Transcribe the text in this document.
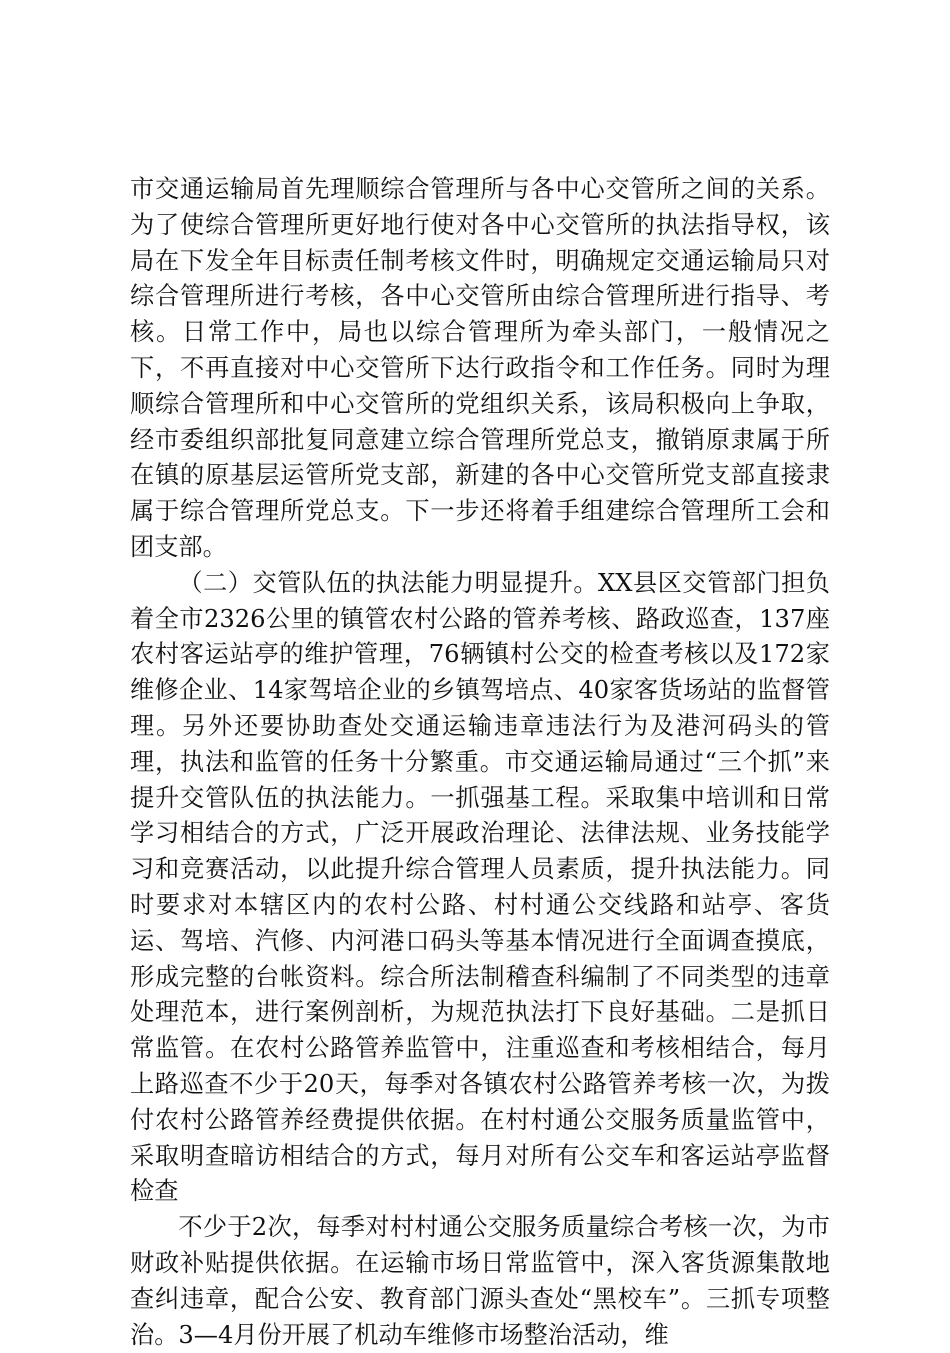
市交通运输局首先理顺综合管理所与各中心交管所之间的关系。为了使综合管理所更好地行使对各中心交管所的执法指导权，该局在下发全年目标责任制考核文件时，明确规定交通运输局只对综合管理所进行考核，各中心交管所由综合管理所进行指导、考核。日常工作中，局也以综合管理所为牵头部门，一般情况之下，不再直接对中心交管所下达行政指令和工作任务。同时为理顺综合管理所和中心交管所的党组织关系，该局积极向上争取，经市委组织部批复同意建立综合管理所党总支，撤销原隶属于所在镇的原基层运管所党支部，新建的各中心交管所党支部直接隶属于综合管理所党总支。下一步还将着手组建综合管理所工会和团支部。

（二）交管队伍的执法能力明显提升。XX县区交管部门担负着全市2326公里的镇管农村公路的管养考核、路政巡查，137座农村客运站亭的维护管理，76辆镇村公交的检查考核以及172家维修企业、14家驾培企业的乡镇驾培点、40家客货场站的监督管理。另外还要协助查处交通运输违章违法行为及港河码头的管理，执法和监管的任务十分繁重。市交通运输局通过“三个抓”来提升交管队伍的执法能力。一抓强基工程。采取集中培训和日常学习相结合的方式，广泛开展政治理论、法律法规、业务技能学习和竞赛活动，以此提升综合管理人员素质，提升执法能力。同时要求对本辖区内的农村公路、村村通公交线路和站亭、客货运、驾培、汽修、内河港口码头等基本情况进行全面调查摸底，形成完整的台帐资料。综合所法制稽查科编制了不同类型的违章处理范本，进行案例剖析，为规范执法打下良好基础。二是抓日常监管。在农村公路管养监管中，注重巡查和考核相结合，每月上路巡查不少于20天，每季对各镇农村公路管养考核一次，为拨付农村公路管养经费提供依据。在村村通公交服务质量监管中，采取明查暗访相结合的方式，每月对所有公交车和客运站亭监督检查

不少于2次，每季对村村通公交服务质量综合考核一次，为市财政补贴提供依据。在运输市场日常监管中，深入客货源集散地查纠违章，配合公安、教育部门源头查处“黑校车”。三抓专项整治。3—4月份开展了机动车维修市场整治活动，维
